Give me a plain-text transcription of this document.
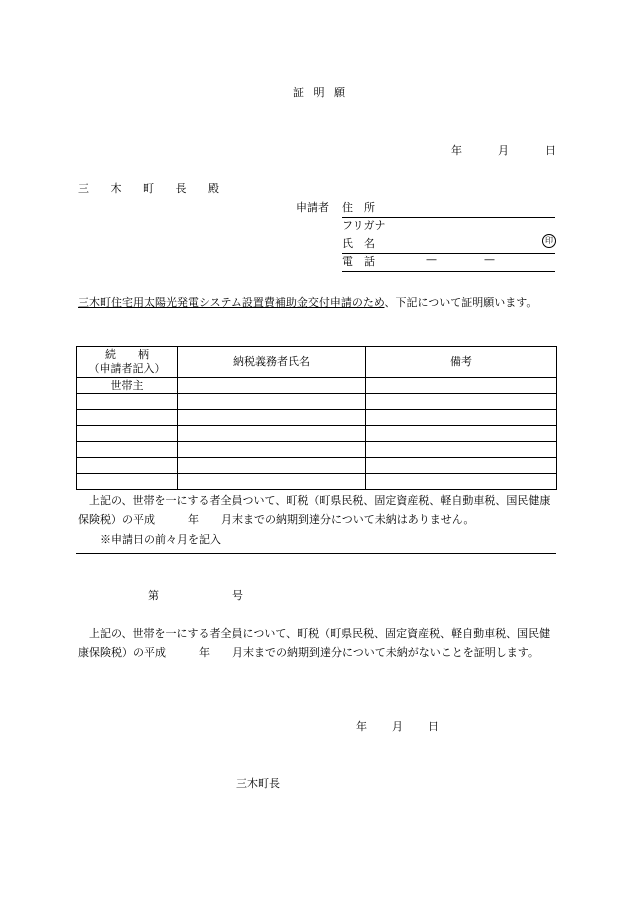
証 明 願
年	月	日
三 木 町 長 殿
申請者 住　所
フリガナ
氏　名	印
電　話	—	—
三木町住宅用太陽光発電システム設置費補助金交付申請のため、下記について証明願います。
続　　柄
（申請者記入）	納税義務者氏名	備考
世帯主		

上記の、世帯を一にする者全員ついて、町税（町県民税、固定資産税、軽自動車税、国民健康保険税）の平成　　　年　　月末までの納期到達分について未納はありません。
※申請日の前々月を記入
第	号
上記の、世帯を一にする者全員について、町税（町県民税、固定資産税、軽自動車税、国民健康保険税）の平成　　　年　　月末までの納期到達分について未納がないことを証明します。
年 月 日
三木町長
